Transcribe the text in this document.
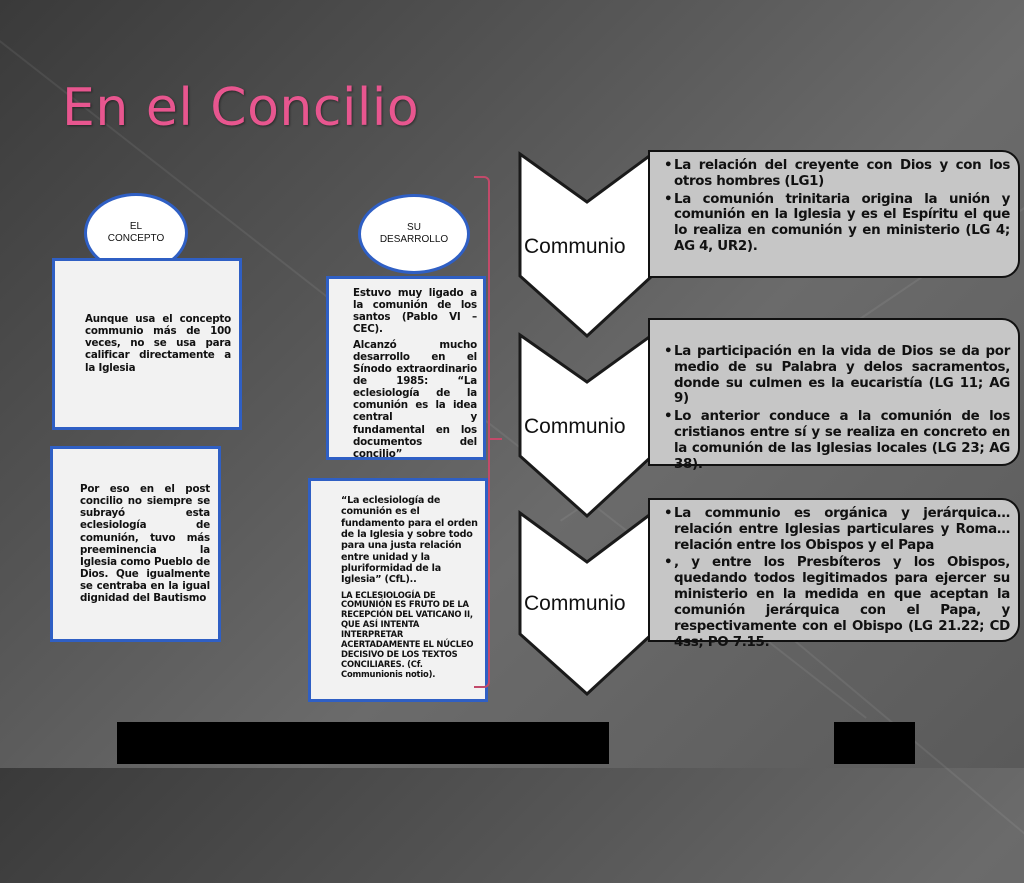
En el Concilio
EL CONCEPTO
Aunque usa el concepto communio más de 100 veces, no se usa para calificar directamente a la Iglesia
Por eso en el post concilio no siempre se subrayó esta eclesiología de comunión, tuvo más preeminencia la Iglesia como Pueblo de Dios. Que igualmente se centraba en la igual dignidad del Bautismo
SU DESARROLLO

Estuvo muy ligado a la comunión de los santos (Pablo VI – CEC).

Alcanzó mucho desarrollo en el Sínodo extraordinario de 1985: “La eclesiología de la comunión es la idea central y fundamental en los documentos del concilio”

“La eclesiología de comunión es el fundamento para el orden de la Iglesia y sobre todo para una justa relación entre unidad y la pluriformidad de la Iglesia” (CfL)..

LA ECLESIOLOGÍA DE COMUNIÓN ES FRUTO DE LA RECEPCIÓN DEL VATICANO II, QUE ASÍ INTENTA INTERPRETAR ACERTADAMENTE EL NÚCLEO DECISIVO DE LOS TEXTOS CONCILIARES. (Cf. Communionis notio).

Communio
Communio
Communio
• La relación del creyente con Dios y con los otros hombres (LG1)
• La comunión trinitaria origina la unión y comunión en la Iglesia y es el Espíritu el que lo realiza en comunión y en ministerio (LG 4; AG 4, UR2).
• La participación en la vida de Dios se da por medio de su Palabra y delos sacramentos, donde su culmen es la eucaristía (LG 11; AG 9)
• Lo anterior conduce a la comunión de los cristianos entre sí y se realiza en concreto en la comunión de las Iglesias locales (LG 23; AG 38).
• La communio es orgánica y jerárquica… relación entre Iglesias particulares y Roma… relación entre los Obispos y el Papa
• , y entre los Presbíteros y los Obispos, quedando todos legitimados para ejercer su ministerio en la medida en que aceptan la comunión jerárquica con el Papa, y respectivamente con el Obispo (LG 21.22; CD 4ss; PO 7.15.
